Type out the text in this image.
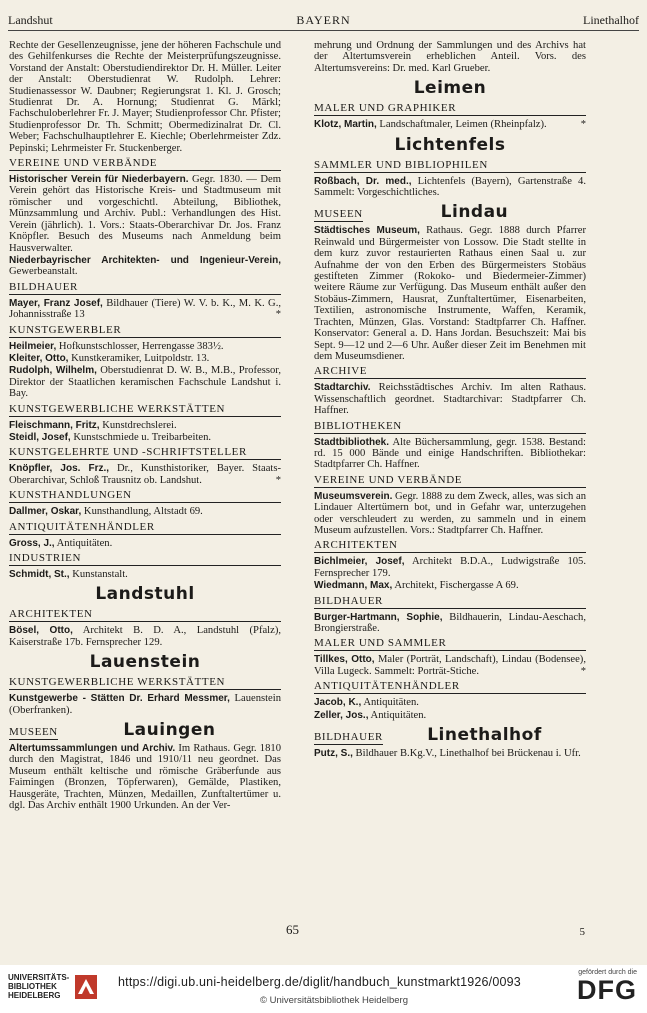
Landshut	BAYERN	Linethalhof

Rechte der Gesellenzeugnisse, jene der höheren Fachschule und des Gehilfenkurses die Rechte der Meisterprüfungszeugnisse. Vorstand der Anstalt: Oberstudiendirektor Dr. H. Müller. Leiter der Anstalt: Oberstudienrat W. Rudolph. Lehrer: Studienassessor W. Daubner; Regierungsrat 1. Kl. J. Grosch; Studienrat Dr. A. Hornung; Studienrat G. Märkl; Fachschuloberlehrer Fr. J. Mayer; Studienprofessor Chr. Pfister; Studienprofessor Dr. Th. Schmitt; Obermedizinalrat Dr. Cl. Weber; Fachschulhauptlehrer E. Kiechle; Oberlehrmeister Zdz. Pepinski; Lehrmeister Fr. Stuckenberger.

VEREINE UND VERBÄNDE

Historischer Verein für Niederbayern. Gegr. 1830. — Dem Verein gehört das Historische Kreis- und Stadtmuseum mit römischer und vorgeschichtl. Abteilung, Bibliothek, Münzsammlung und Archiv. Publ.: Verhandlungen des Hist. Verein (jährlich). 1. Vors.: Staats-Oberarchivar Dr. Jos. Franz Knöpfler. Besuch des Museums nach Anmeldung beim Hausverwalter.

Niederbayrischer Architekten- und Ingenieur-Verein, Gewerbeanstalt.

BILDHAUER

Mayer, Franz Josef, Bildhauer (Tiere) W. V. b. K., M. K. G., Johannisstraße 13	*

KUNSTGEWERBLER

Heilmeier, Hofkunstschlosser, Herrengasse 383½.

Kleiter, Otto, Kunstkeramiker, Luitpoldstr. 13.

Rudolph, Wilhelm, Oberstudienrat D. W. B., M.B., Professor, Direktor der Staatlichen keramischen Fachschule Landshut i. Bay.

KUNSTGEWERBLICHE WERKSTÄTTEN

Fleischmann, Fritz, Kunstdrechslerei.

Steidl, Josef, Kunstschmiede u. Treibarbeiten.

KUNSTGELEHRTE UND -SCHRIFTSTELLER

Knöpfler, Jos. Frz., Dr., Kunsthistoriker, Bayer. Staats-Oberarchivar, Schloß Trausnitz ob. Landshut.	*

KUNSTHANDLUNGEN

Dallmer, Oskar, Kunsthandlung, Altstadt 69.

ANTIQUITÄTENHÄNDLER

Gross, J., Antiquitäten.

INDUSTRIEN

Schmidt, St., Kunstanstalt.

Landstuhl
ARCHITEKTEN

Bösel, Otto, Architekt B. D. A., Landstuhl (Pfalz), Kaiserstraße 17b. Fernsprecher 129.

Lauenstein
KUNSTGEWERBLICHE WERKSTÄTTEN

Kunstgewerbe - Stätten Dr. Erhard Messmer, Lauenstein (Oberfranken).

MUSEEN	Lauingen

Altertumssammlungen und Archiv. Im Rathaus. Gegr. 1810 durch den Magistrat, 1846 und 1910/11 neu geordnet. Das Museum enthält keltische und römische Gräberfunde aus Faimingen (Bronzen, Töpferwaren), Gemälde, Plastiken, Hausgeräte, Trachten, Münzen, Medaillen, Zunftaltertümer u. dgl. Das Archiv enthält 1900 Urkunden. An der Ver-

mehrung und Ordnung der Sammlungen und des Archivs hat der Altertumsverein erheblichen Anteil. Vors. des Altertumsvereins: Dr. med. Karl Grueber.

Leimen
MALER UND GRAPHIKER

Klotz, Martin, Landschaftmaler, Leimen (Rheinpfalz).	*

Lichtenfels
SAMMLER UND BIBLIOPHILEN

Roßbach, Dr. med., Lichtenfels (Bayern), Gartenstraße 4. Sammelt: Vorgeschichtliches.

MUSEEN	Lindau

Städtisches Museum, Rathaus. Gegr. 1888 durch Pfarrer Reinwald und Bürgermeister von Lossow. Die Stadt stellte in dem kurz zuvor restaurierten Rathaus einen Saal u. zur Aufnahme der von den Erben des Bürgermeisters Stobäus gestifteten Zimmer (Rokoko- und Biedermeier-Zimmer) weitere Räume zur Verfügung. Das Museum enthält außer den Stobäus-Zimmern, Hausrat, Zunftaltertümer, Eisenarbeiten, Textilien, astronomische Instrumente, Waffen, Keramik, Trachten, Münzen, Glas. Vorstand: Stadtpfarrer Ch. Haffner. Konservator: General a. D. Hans Jordan. Besuchszeit: Mai bis Sept. 9—12 und 2—6 Uhr. Außer dieser Zeit im Benehmen mit dem Museumsdiener.

ARCHIVE

Stadtarchiv. Reichsstädtisches Archiv. Im alten Rathaus. Wissenschaftlich geordnet. Stadtarchivar: Stadtpfarrer Ch. Haffner.

BIBLIOTHEKEN

Stadtbibliothek. Alte Büchersammlung, gegr. 1538. Bestand: rd. 15 000 Bände und einige Handschriften. Bibliothekar: Stadtpfarrer Ch. Haffner.

VEREINE UND VERBÄNDE

Museumsverein. Gegr. 1888 zu dem Zweck, alles, was sich an Lindauer Altertümern bot, und in Gefahr war, unterzugehen oder verschleudert zu werden, zu sammeln und in einem Museum aufzustellen. Vors.: Stadtpfarrer Ch. Haffner.

ARCHITEKTEN

Bichlmeier, Josef, Architekt B.D.A., Ludwigstraße 105. Fernsprecher 179.

Wiedmann, Max, Architekt, Fischergasse A 69.

BILDHAUER

Burger-Hartmann, Sophie, Bildhauerin, Lindau-Aeschach, Brongierstraße.

MALER UND SAMMLER

Tillkes, Otto, Maler (Porträt, Landschaft), Lindau (Bodensee), Villa Lugeck. Sammelt: Porträt-Stiche.	*

ANTIQUITÄTENHÄNDLER

Jacob, K., Antiquitäten.

Zeller, Jos., Antiquitäten.

BILDHAUER	Linethalhof

Putz, S., Bildhauer B.Kg.V., Linethalhof bei Brückenau i. Ufr.

65	5
UNIVERSITÄTS-
BIBLIOTHEK
HEIDELBERG
https://digi.ub.uni-heidelberg.de/diglit/handbuch_kunstmarkt1926/0093
© Universitätsbibliothek Heidelberg
gefördert durch die
DFG
